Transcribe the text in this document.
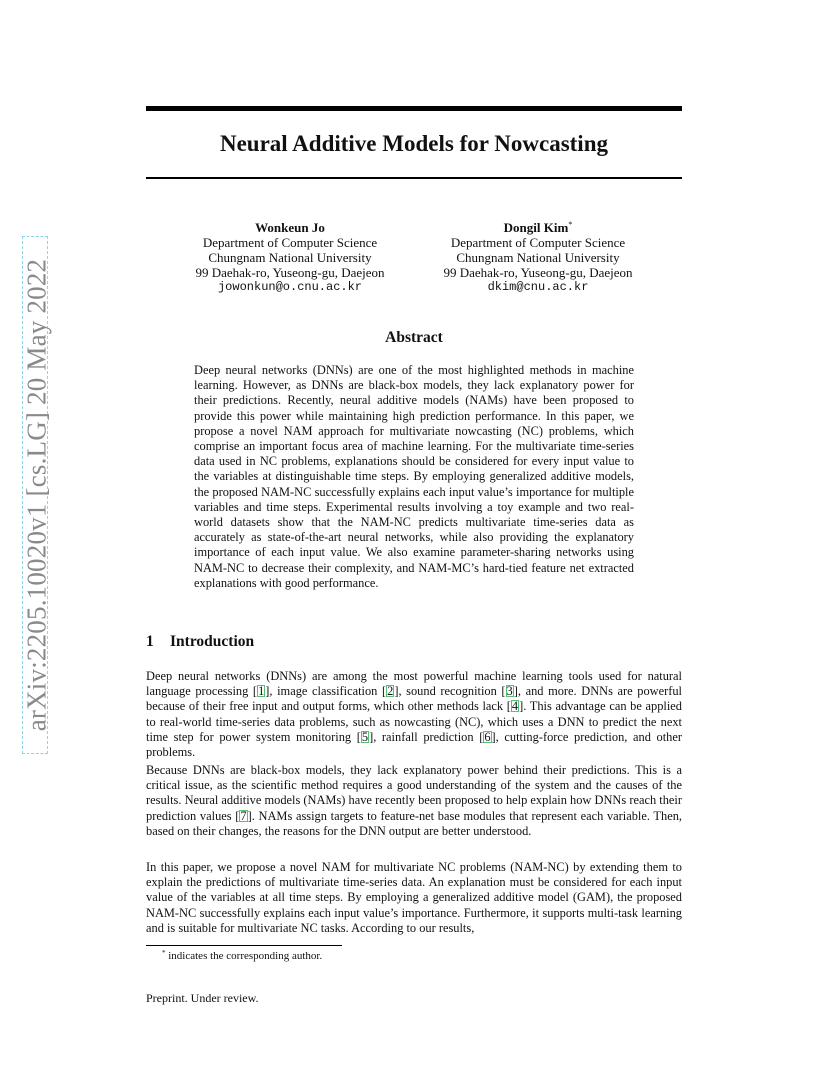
arXiv:2205.10020v1 [cs.LG] 20 May 2022
Neural Additive Models for Nowcasting
Wonkeun Jo
Department of Computer Science
Chungnam National University
99 Daehak-ro, Yuseong-gu, Daejeon
jowonkun@o.cnu.ac.kr
Dongil Kim*
Department of Computer Science
Chungnam National University
99 Daehak-ro, Yuseong-gu, Daejeon
dkim@cnu.ac.kr
Abstract

Deep neural networks (DNNs) are one of the most highlighted methods in machine learning. However, as DNNs are black-box models, they lack explanatory power for their predictions. Recently, neural additive models (NAMs) have been proposed to provide this power while maintaining high prediction performance. In this paper, we propose a novel NAM approach for multivariate nowcasting (NC) problems, which comprise an important focus area of machine learning. For the multivariate time-series data used in NC problems, explanations should be considered for every input value to the variables at distinguishable time steps. By employing generalized additive models, the proposed NAM-NC successfully explains each input value’s importance for multiple variables and time steps. Experimental results involving a toy example and two real-world datasets show that the NAM-NC predicts multivariate time-series data as accurately as state-of-the-art neural networks, while also providing the explanatory importance of each input value. We also examine parameter-sharing networks using NAM-NC to decrease their complexity, and NAM-MC’s hard-tied feature net extracted explanations with good performance.

1 Introduction

Deep neural networks (DNNs) are among the most powerful machine learning tools used for natural language processing [1], image classification [2], sound recognition [3], and more. DNNs are powerful because of their free input and output forms, which other methods lack [4]. This advantage can be applied to real-world time-series data problems, such as nowcasting (NC), which uses a DNN to predict the next time step for power system monitoring [5], rainfall prediction [6], cutting-force prediction, and other problems.

Because DNNs are black-box models, they lack explanatory power behind their predictions. This is a critical issue, as the scientific method requires a good understanding of the system and the causes of the results. Neural additive models (NAMs) have recently been proposed to help explain how DNNs reach their prediction values [7]. NAMs assign targets to feature-net base modules that represent each variable. Then, based on their changes, the reasons for the DNN output are better understood.

In this paper, we propose a novel NAM for multivariate NC problems (NAM-NC) by extending them to explain the predictions of multivariate time-series data. An explanation must be considered for each input value of the variables at all time steps. By employing a generalized additive model (GAM), the proposed NAM-NC successfully explains each input value’s importance. Furthermore, it supports multi-task learning and is suitable for multivariate NC tasks. According to our results,

* indicates the corresponding author.

Preprint. Under review.
